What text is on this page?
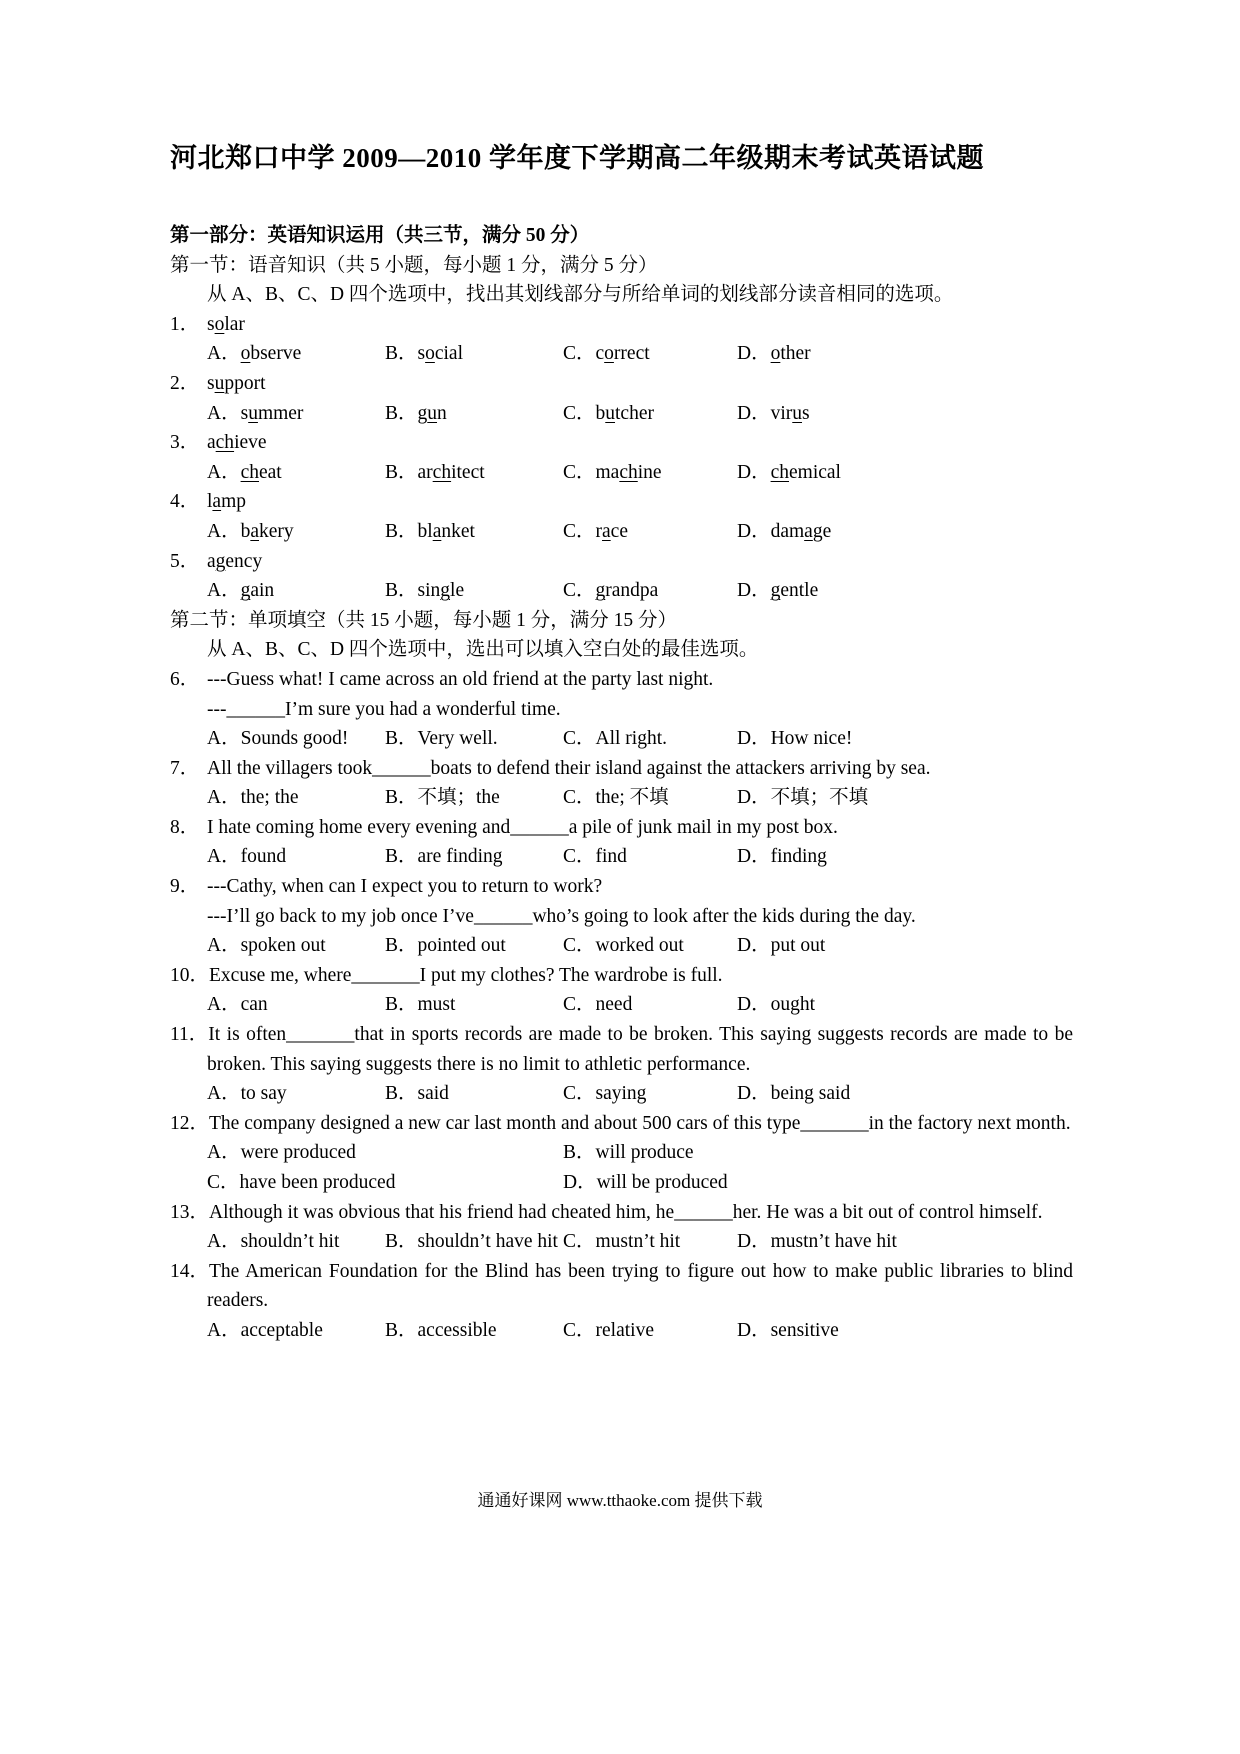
河北郑口中学 2009—2010 学年度下学期高二年级期末考试英语试题

第一部分：英语知识运用（共三节，满分 50 分）

第一节：语音知识（共 5 小题，每小题 1 分，满分 5 分）

从 A、B、C、D 四个选项中，找出其划线部分与所给单词的划线部分读音相同的选项。

1． solar
A．observe	B．social	C．correct	D．other
2． support
A．summer	B．gun	C．butcher	D．virus
3． achieve
A．cheat	B．architect	C．machine	D．chemical
4． lamp
A．bakery	B．blanket	C．race	D．damage
5． agency
A．gain	B．single	C．grandpa	D．gentle

第二节：单项填空（共 15 小题，每小题 1 分，满分 15 分）

从 A、B、C、D 四个选项中，选出可以填入空白处的最佳选项。

6． ---Guess what! I came across an old friend at the party last night.
---______I’m sure you had a wonderful time.
A．Sounds good!	B．Very well.	C．All right.	D．How nice!
7． All the villagers took______boats to defend their island against the attackers arriving by sea.
A．the; the	B．不填；the	C．the; 不填	D．不填；不填
8． I hate coming home every evening and______a pile of junk mail in my post box.
A．found	B．are finding	C．find	D．finding
9． ---Cathy, when can I expect you to return to work?
---I’ll go back to my job once I’ve______who’s going to look after the kids during the day.
A．spoken out	B．pointed out	C．worked out	D．put out
10．Excuse me, where_______I put my clothes? The wardrobe is full.
A．can	B．must	C．need	D．ought
11．It is often_______that in sports records are made to be broken. This saying suggests records are made to be broken. This saying suggests there is no limit to athletic performance.
A．to say	B．said	C．saying	D．being said
12．The company designed a new car last month and about 500 cars of this type_______in the factory next month.
A．were produced	B．will produce
C．have been produced	D．will be produced
13．Although it was obvious that his friend had cheated him, he______her. He was a bit out of control himself.
A．shouldn’t hit	B．shouldn’t have hit C．mustn’t hit	D．mustn’t have hit
14．The American Foundation for the Blind has been trying to figure out how to make public libraries to blind readers.
A．acceptable	B．accessible	C．relative	D．sensitive
通通好课网 www.tthaoke.com 提供下载
